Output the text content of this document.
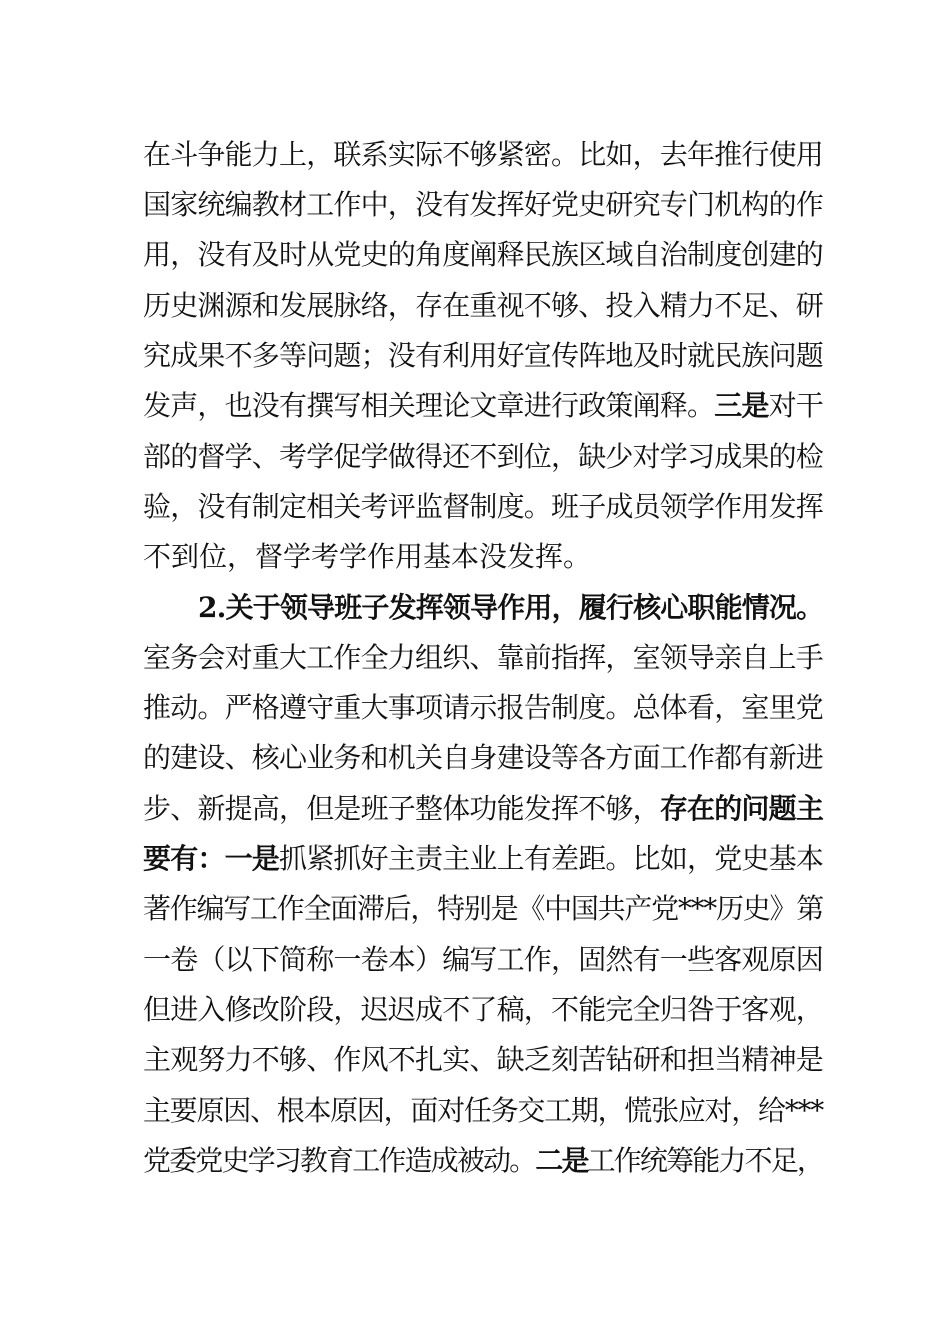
在斗争能力上，联系实际不够紧密。比如，去年推行使用
国家统编教材工作中，没有发挥好党史研究专门机构的作
用，没有及时从党史的角度阐释民族区域自治制度创建的
历史渊源和发展脉络，存在重视不够、投入精力不足、研
究成果不多等问题；没有利用好宣传阵地及时就民族问题
发声，也没有撰写相关理论文章进行政策阐释。三是对干
部的督学、考学促学做得还不到位，缺少对学习成果的检
验，没有制定相关考评监督制度。班子成员领学作用发挥
不到位，督学考学作用基本没发挥。
2.关于领导班子发挥领导作用，履行核心职能情况。
室务会对重大工作全力组织、靠前指挥，室领导亲自上手
推动。严格遵守重大事项请示报告制度。总体看，室里党
的建设、核心业务和机关自身建设等各方面工作都有新进
步、新提高，但是班子整体功能发挥不够，存在的问题主
要有：一是抓紧抓好主责主业上有差距。比如，党史基本
著作编写工作全面滞后，特别是《中国共产党***历史》第
一卷（以下简称一卷本）编写工作，固然有一些客观原因
但进入修改阶段，迟迟成不了稿，不能完全归咎于客观，
主观努力不够、作风不扎实、缺乏刻苦钻研和担当精神是
主要原因、根本原因，面对任务交工期，慌张应对，给***
党委党史学习教育工作造成被动。二是工作统筹能力不足，
